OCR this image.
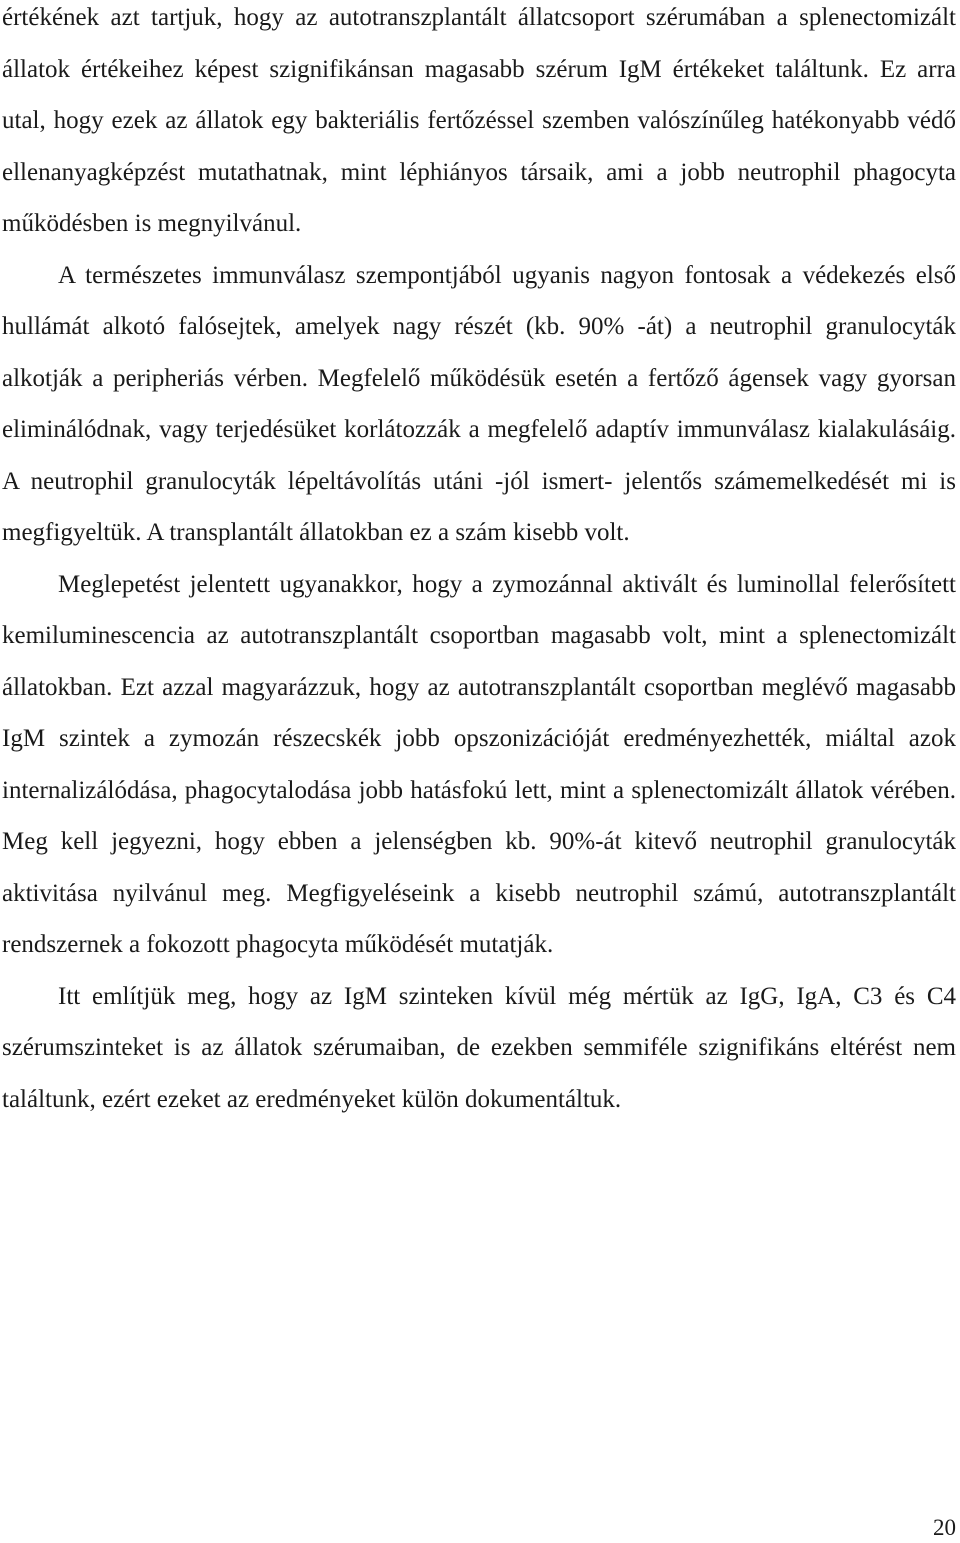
értékének azt tartjuk, hogy az autotranszplantált állatcsoport szérumában a splenectomizált állatok értékeihez képest szignifikánsan magasabb szérum IgM értékeket találtunk. Ez arra utal, hogy ezek az állatok egy bakteriális fertőzéssel szemben valószínűleg hatékonyabb védő ellenanyagképzést mutathatnak, mint léphiányos társaik, ami a jobb neutrophil phagocyta működésben is megnyilvánul.

A természetes immunválasz szempontjából ugyanis nagyon fontosak a védekezés első hullámát alkotó falósejtek, amelyek nagy részét (kb. 90% -át) a neutrophil granulocyták alkotják a peripheriás vérben. Megfelelő működésük esetén a fertőző ágensek vagy gyorsan eliminálódnak, vagy terjedésüket korlátozzák a megfelelő adaptív immunválasz kialakulásáig. A neutrophil granulocyták lépeltávolítás utáni -jól ismert- jelentős számemelkedését mi is megfigyeltük. A transplantált állatokban ez a szám kisebb volt.

Meglepetést jelentett ugyanakkor, hogy a zymozánnal aktivált és luminollal felerősített kemiluminescencia az autotranszplantált csoportban magasabb volt, mint a splenectomizált állatokban. Ezt azzal magyarázzuk, hogy az autotranszplantált csoportban meglévő magasabb IgM szintek a zymozán részecskék jobb opszonizációját eredményezhették, miáltal azok internalizálódása, phagocytalodása jobb hatásfokú lett, mint a splenectomizált állatok vérében. Meg kell jegyezni, hogy ebben a jelenségben kb. 90%-át kitevő neutrophil granulocyták aktivitása nyilvánul meg. Megfigyeléseink a kisebb neutrophil számú, autotranszplantált rendszernek a fokozott phagocyta működését mutatják.

Itt említjük meg, hogy az IgM szinteken kívül még mértük az IgG, IgA, C3 és C4 szérumszinteket is az állatok szérumaiban, de ezekben semmiféle szignifikáns eltérést nem találtunk, ezért ezeket az eredményeket külön dokumentáltuk.

20
